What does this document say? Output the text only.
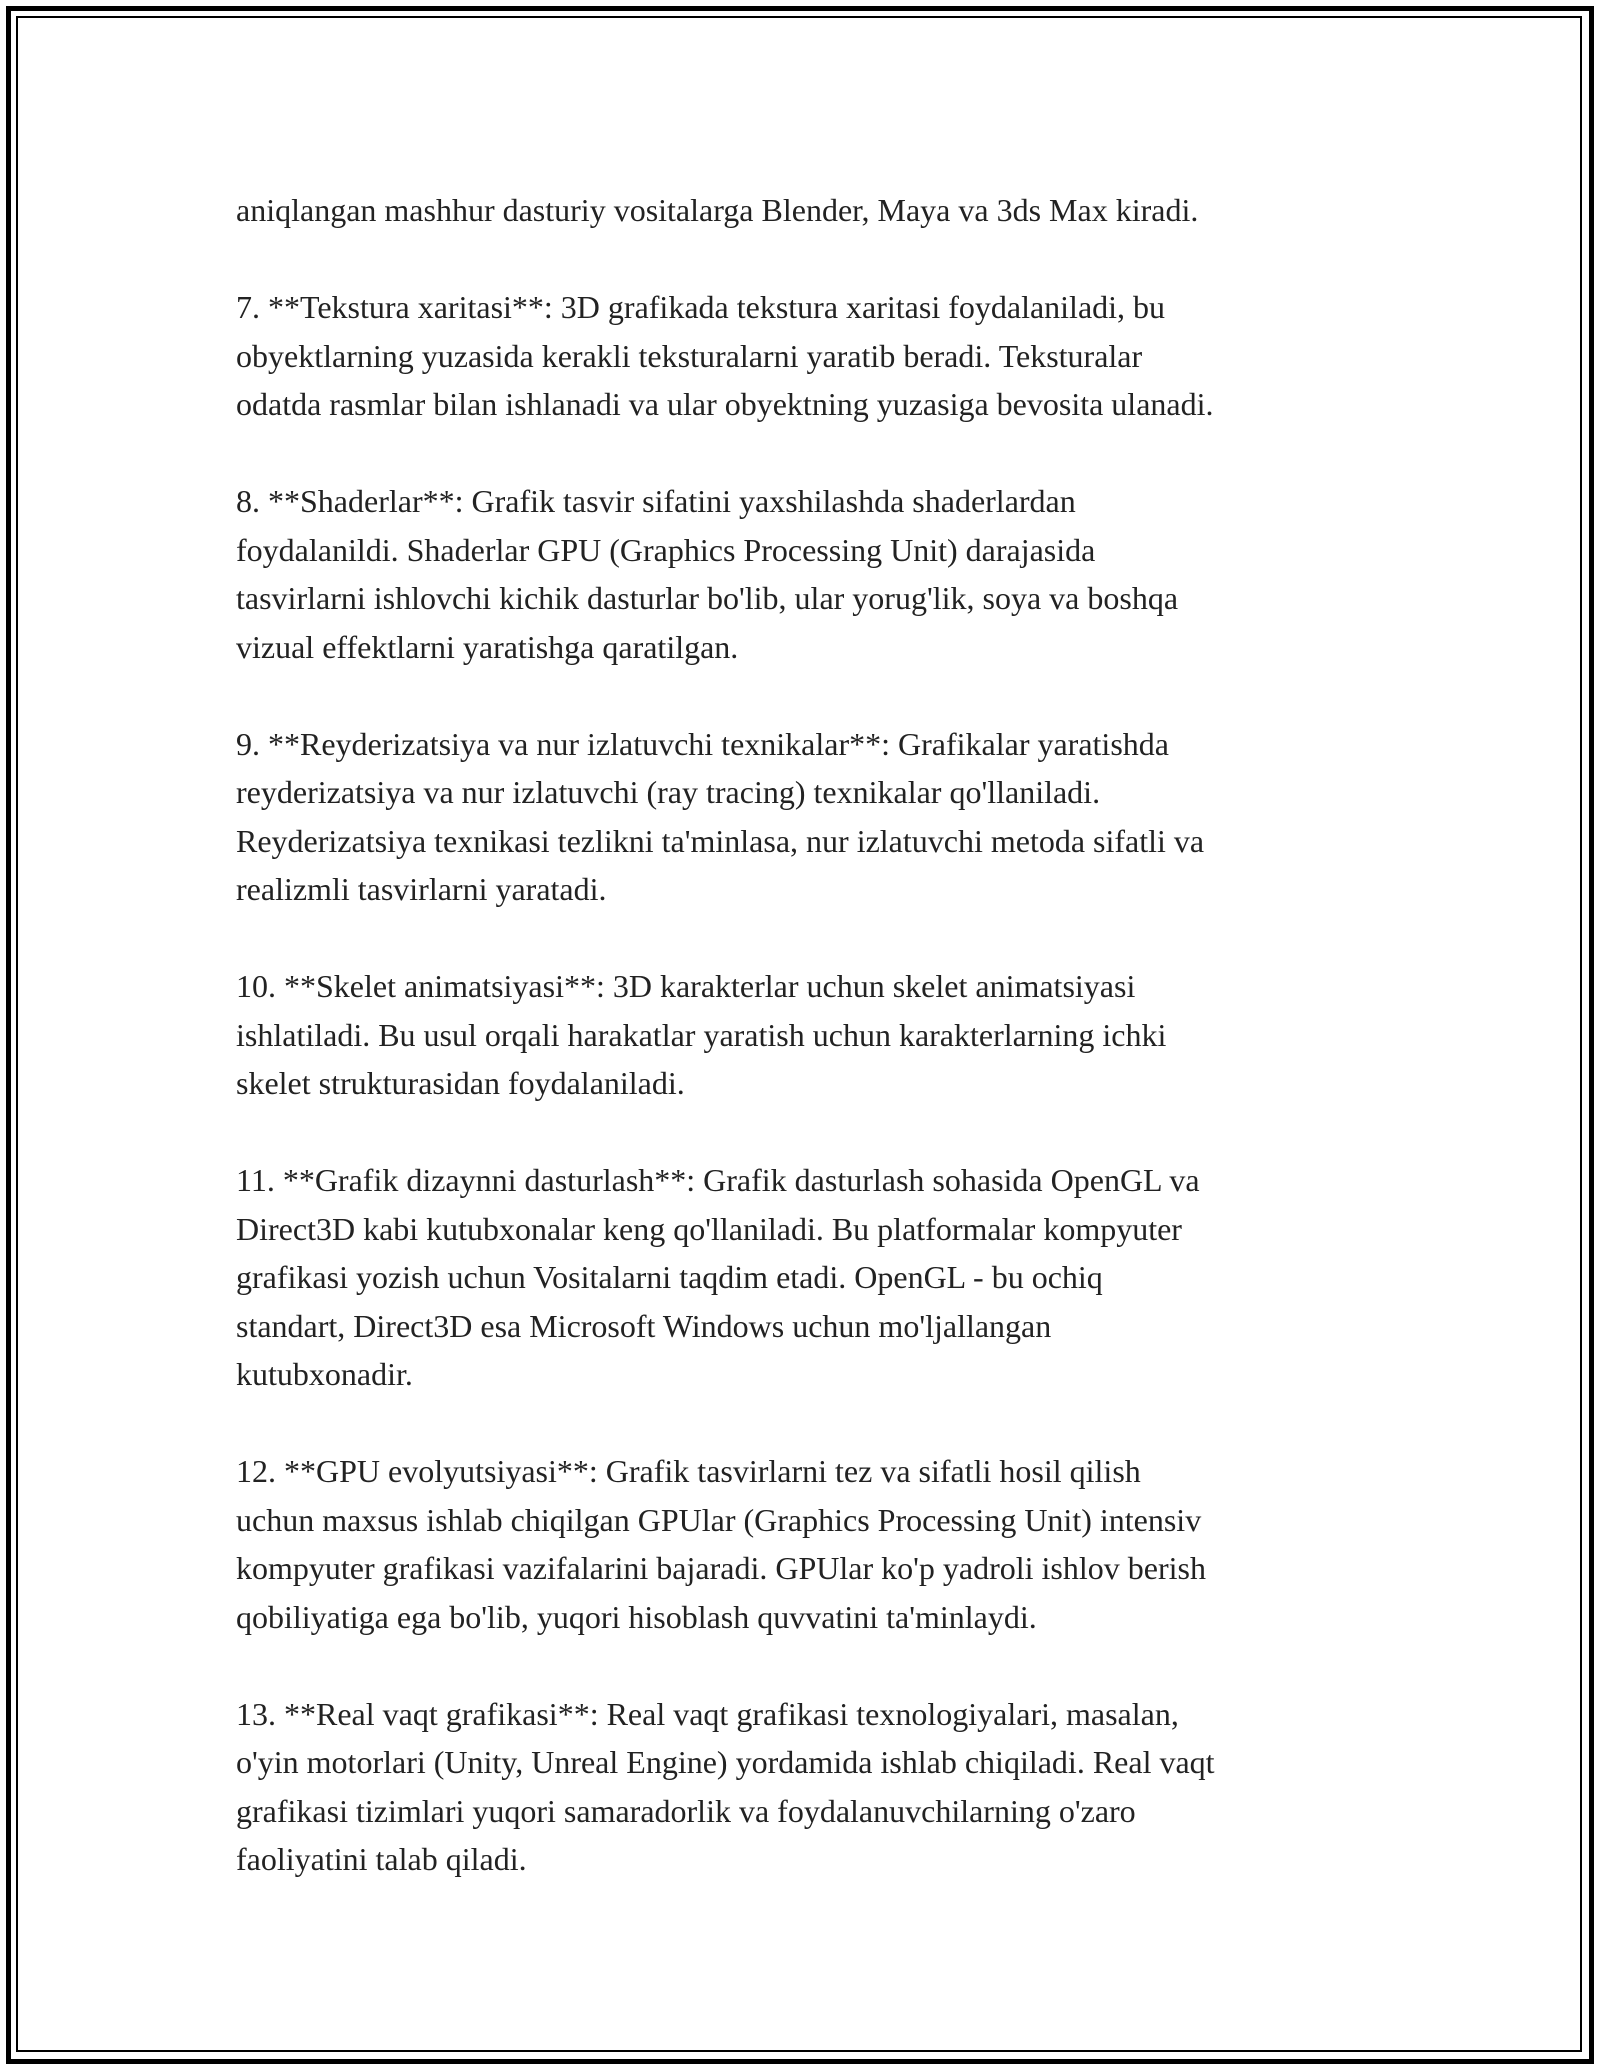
aniqlangan mashhur dasturiy vositalarga Blender, Maya va 3ds Max kiradi.

7. **Tekstura xaritasi**: 3D grafikada tekstura xaritasi foydalaniladi, bu
obyektlarning yuzasida kerakli teksturalarni yaratib beradi. Teksturalar
odatda rasmlar bilan ishlanadi va ular obyektning yuzasiga bevosita ulanadi.

8. **Shaderlar**: Grafik tasvir sifatini yaxshilashda shaderlardan
foydalanildi. Shaderlar GPU (Graphics Processing Unit) darajasida
tasvirlarni ishlovchi kichik dasturlar bo'lib, ular yorug'lik, soya va boshqa
vizual effektlarni yaratishga qaratilgan.

9. **Reyderizatsiya va nur izlatuvchi texnikalar**: Grafikalar yaratishda
reyderizatsiya va nur izlatuvchi (ray tracing) texnikalar qo'llaniladi.
Reyderizatsiya texnikasi tezlikni ta'minlasa, nur izlatuvchi metoda sifatli va
realizmli tasvirlarni yaratadi.

10. **Skelet animatsiyasi**: 3D karakterlar uchun skelet animatsiyasi
ishlatiladi. Bu usul orqali harakatlar yaratish uchun karakterlarning ichki
skelet strukturasidan foydalaniladi.

11. **Grafik dizaynni dasturlash**: Grafik dasturlash sohasida OpenGL va
Direct3D kabi kutubxonalar keng qo'llaniladi. Bu platformalar kompyuter
grafikasi yozish uchun Vositalarni taqdim etadi. OpenGL - bu ochiq
standart, Direct3D esa Microsoft Windows uchun mo'ljallangan
kutubxonadir.

12. **GPU evolyutsiyasi**: Grafik tasvirlarni tez va sifatli hosil qilish
uchun maxsus ishlab chiqilgan GPUlar (Graphics Processing Unit) intensiv
kompyuter grafikasi vazifalarini bajaradi. GPUlar ko'p yadroli ishlov berish
qobiliyatiga ega bo'lib, yuqori hisoblash quvvatini ta'minlaydi.

13. **Real vaqt grafikasi**: Real vaqt grafikasi texnologiyalari, masalan,
o'yin motorlari (Unity, Unreal Engine) yordamida ishlab chiqiladi. Real vaqt
grafikasi tizimlari yuqori samaradorlik va foydalanuvchilarning o'zaro
faoliyatini talab qiladi.
